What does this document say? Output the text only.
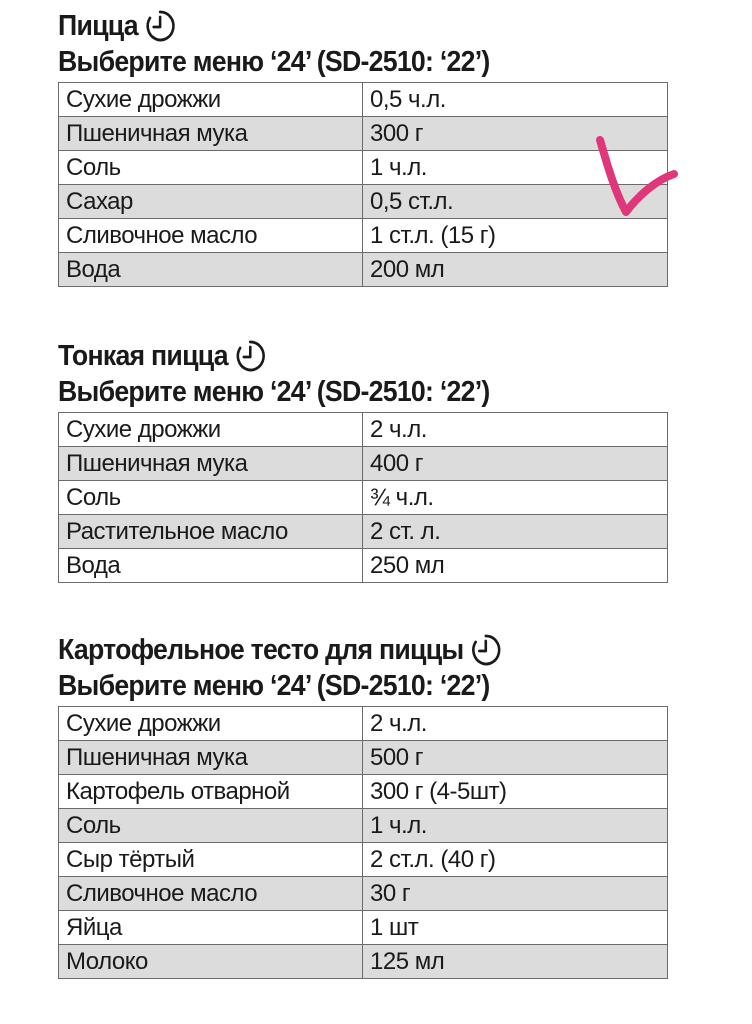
Пицца
Выберите меню ‘24’ (SD-2510: ‘22’)
Сухие дрожжи	0,5 ч.л.
Пшеничная мука	300 г
Соль	1 ч.л.
Сахар	0,5 ст.л.
Сливочное масло	1 ст.л. (15 г)
Вода	200 мл
Тонкая пицца
Выберите меню ‘24’ (SD-2510: ‘22’)
Сухие дрожжи	2 ч.л.
Пшеничная мука	400 г
Соль	¾ ч.л.
Растительное масло	2 ст. л.
Вода	250 мл
Картофельное тесто для пиццы
Выберите меню ‘24’ (SD-2510: ‘22’)
Сухие дрожжи	2 ч.л.
Пшеничная мука	500 г
Картофель отварной	300 г (4-5шт)
Соль	1 ч.л.
Сыр тёртый	2 ст.л. (40 г)
Сливочное масло	30 г
Яйца	1 шт
Молоко	125 мл
